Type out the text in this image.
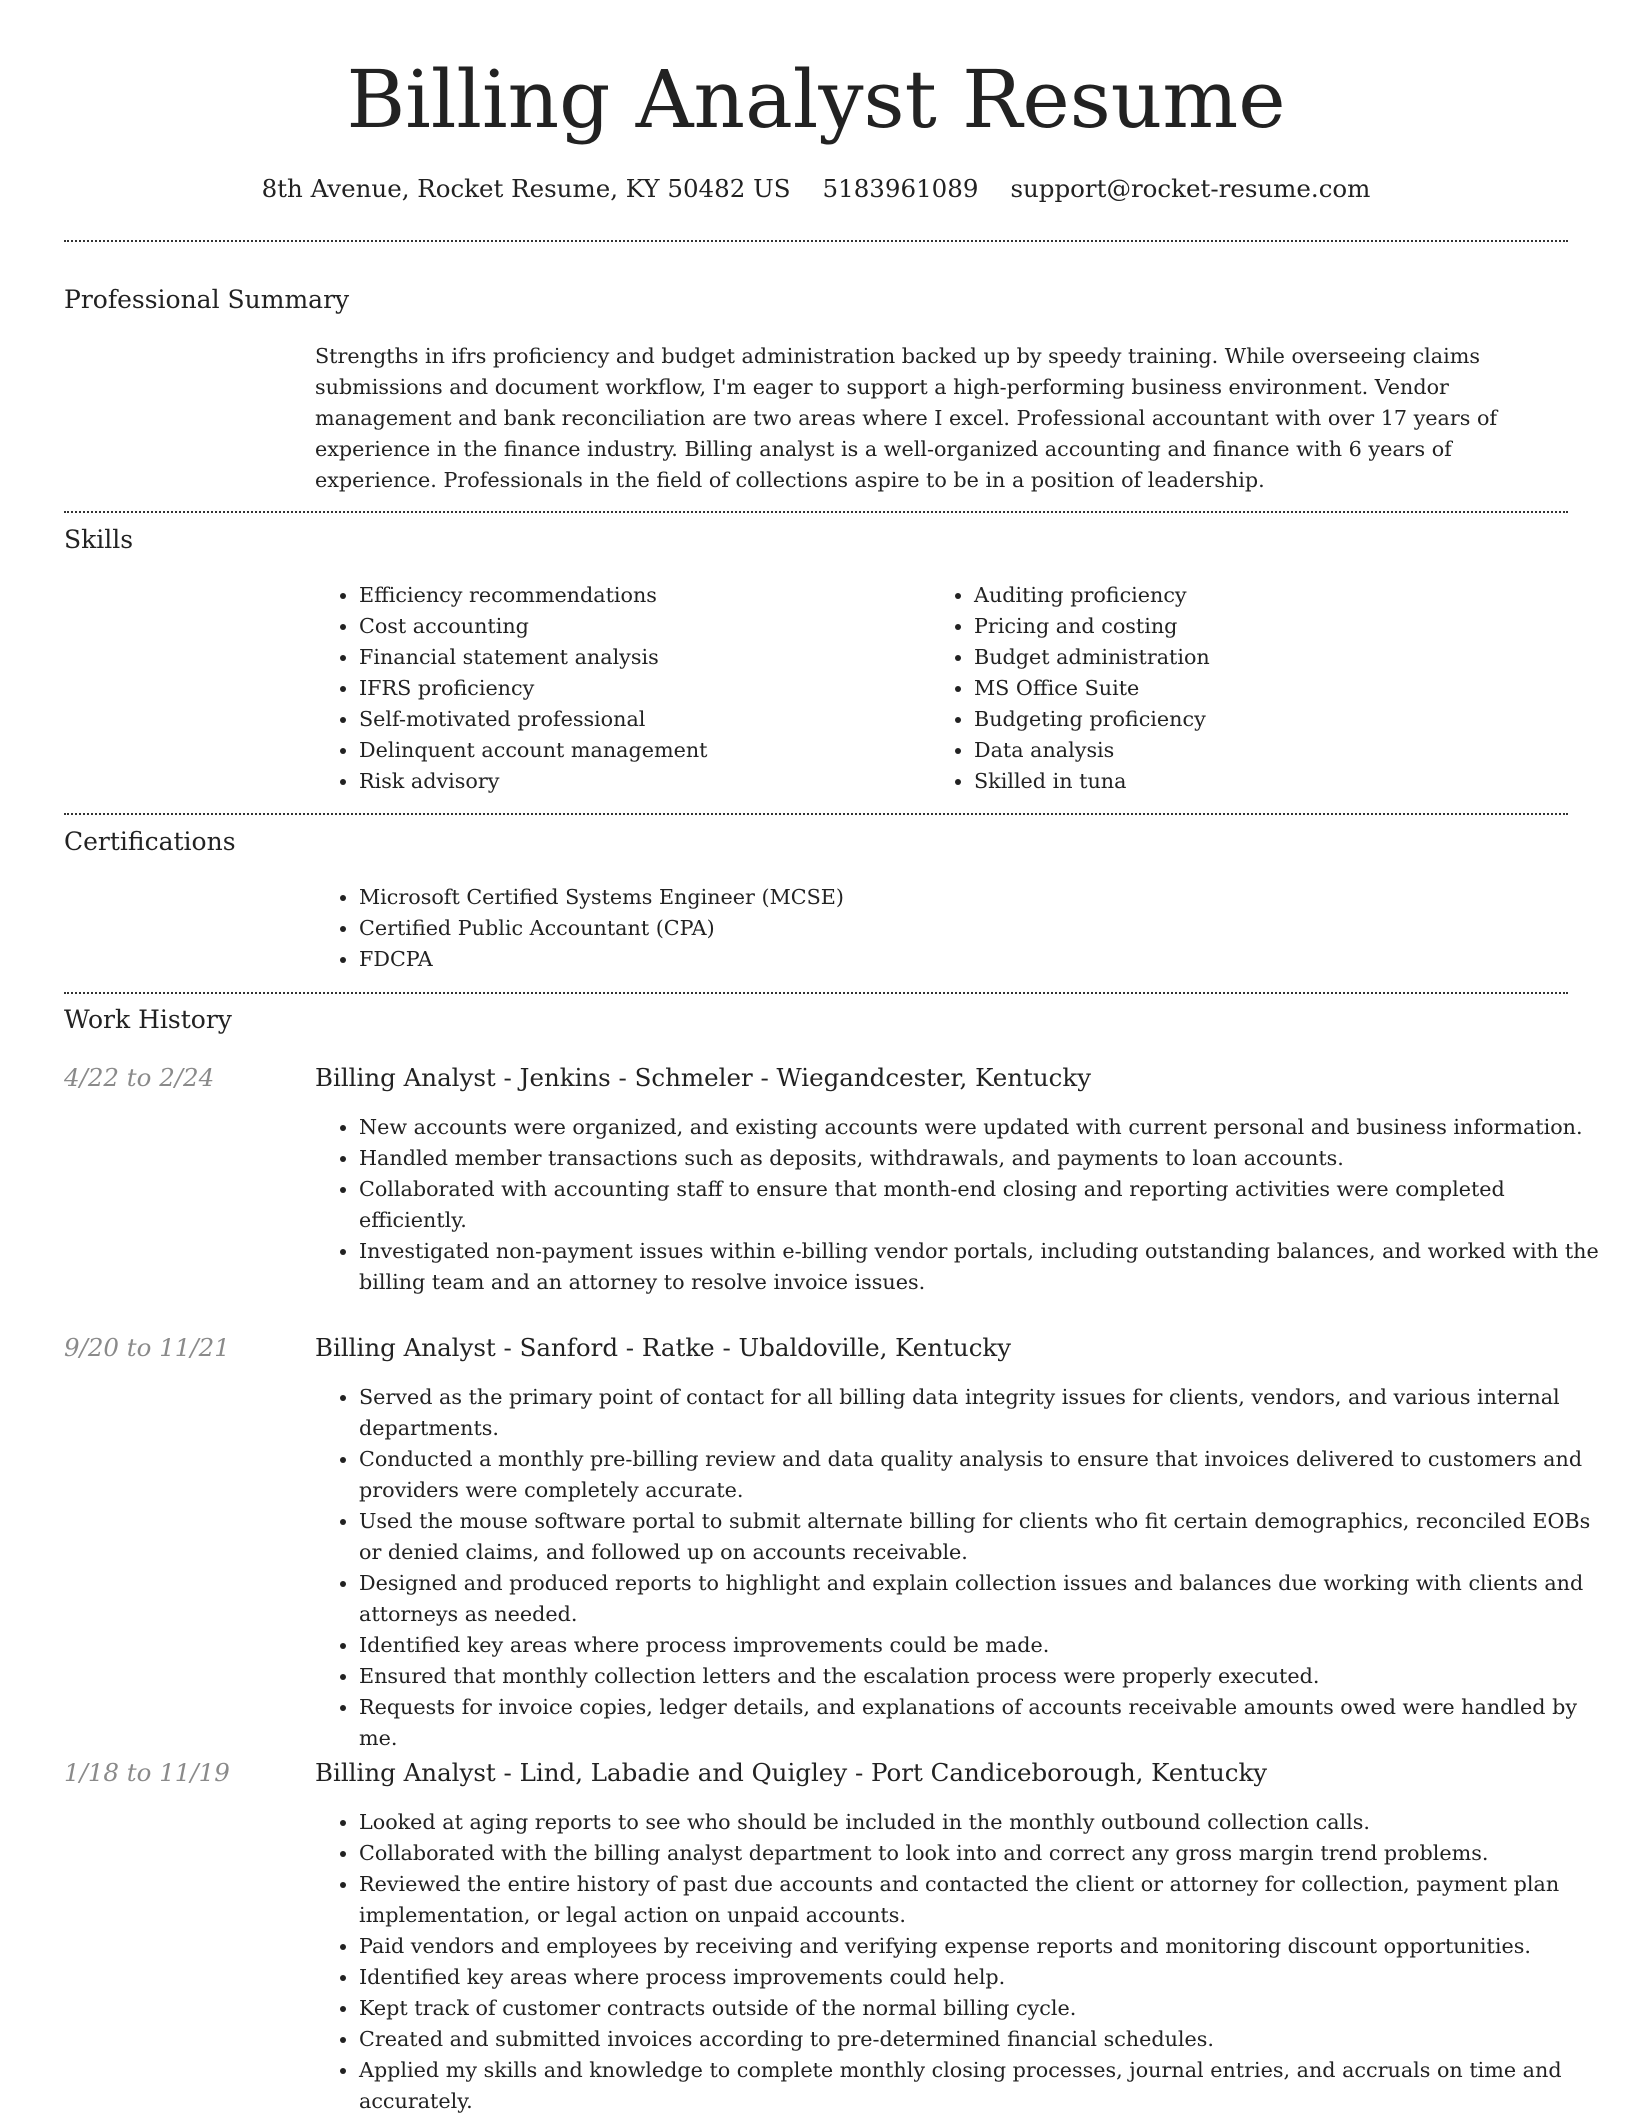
Billing Analyst Resume
8th Avenue, Rocket Resume, KY 50482 US 5183961089 support@rocket-resume.com
Professional Summary

Strengths in ifrs proficiency and budget administration backed up by speedy training. While overseeing claims submissions and document workflow, I'm eager to support a high-performing business environment. Vendor management and bank reconciliation are two areas where I excel. Professional accountant with over 17 years of experience in the finance industry. Billing analyst is a well-organized accounting and finance with 6 years of experience. Professionals in the field of collections aspire to be in a position of leadership.

Skills
• Efficiency recommendations
• Cost accounting
• Financial statement analysis
• IFRS proficiency
• Self-motivated professional
• Delinquent account management
• Risk advisory
• Auditing proficiency
• Pricing and costing
• Budget administration
• MS Office Suite
• Budgeting proficiency
• Data analysis
• Skilled in tuna
Certifications
• Microsoft Certified Systems Engineer (MCSE)
• Certified Public Accountant (CPA)
• FDCPA
Work History
4/22 to 2/24	Billing Analyst - Jenkins - Schmeler - Wiegandcester, Kentucky
• New accounts were organized, and existing accounts were updated with current personal and business information.
• Handled member transactions such as deposits, withdrawals, and payments to loan accounts.
• Collaborated with accounting staff to ensure that month-end closing and reporting activities were completed efficiently.
• Investigated non-payment issues within e-billing vendor portals, including outstanding balances, and worked with the billing team and an attorney to resolve invoice issues.
9/20 to 11/21	Billing Analyst - Sanford - Ratke - Ubaldoville, Kentucky
• Served as the primary point of contact for all billing data integrity issues for clients, vendors, and various internal departments.
• Conducted a monthly pre-billing review and data quality analysis to ensure that invoices delivered to customers and providers were completely accurate.
• Used the mouse software portal to submit alternate billing for clients who fit certain demographics, reconciled EOBs or denied claims, and followed up on accounts receivable.
• Designed and produced reports to highlight and explain collection issues and balances due working with clients and attorneys as needed.
• Identified key areas where process improvements could be made.
• Ensured that monthly collection letters and the escalation process were properly executed.
• Requests for invoice copies, ledger details, and explanations of accounts receivable amounts owed were handled by me.
1/18 to 11/19	Billing Analyst - Lind, Labadie and Quigley - Port Candiceborough, Kentucky
• Looked at aging reports to see who should be included in the monthly outbound collection calls.
• Collaborated with the billing analyst department to look into and correct any gross margin trend problems.
• Reviewed the entire history of past due accounts and contacted the client or attorney for collection, payment plan implementation, or legal action on unpaid accounts.
• Paid vendors and employees by receiving and verifying expense reports and monitoring discount opportunities.
• Identified key areas where process improvements could help.
• Kept track of customer contracts outside of the normal billing cycle.
• Created and submitted invoices according to pre-determined financial schedules.
• Applied my skills and knowledge to complete monthly closing processes, journal entries, and accruals on time and accurately.
